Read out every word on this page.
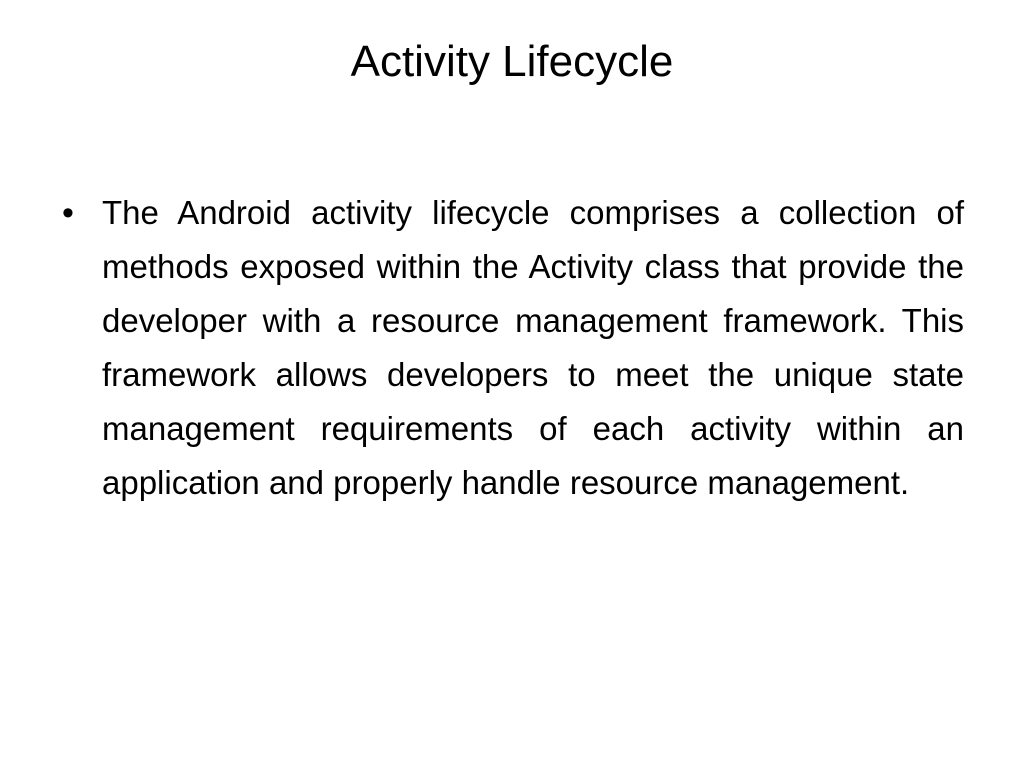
Activity Lifecycle
• The Android activity lifecycle comprises a collection of methods exposed within the Activity class that provide the developer with a resource management framework. This framework allows developers to meet the unique state management requirements of each activity within an application and properly handle resource management.
